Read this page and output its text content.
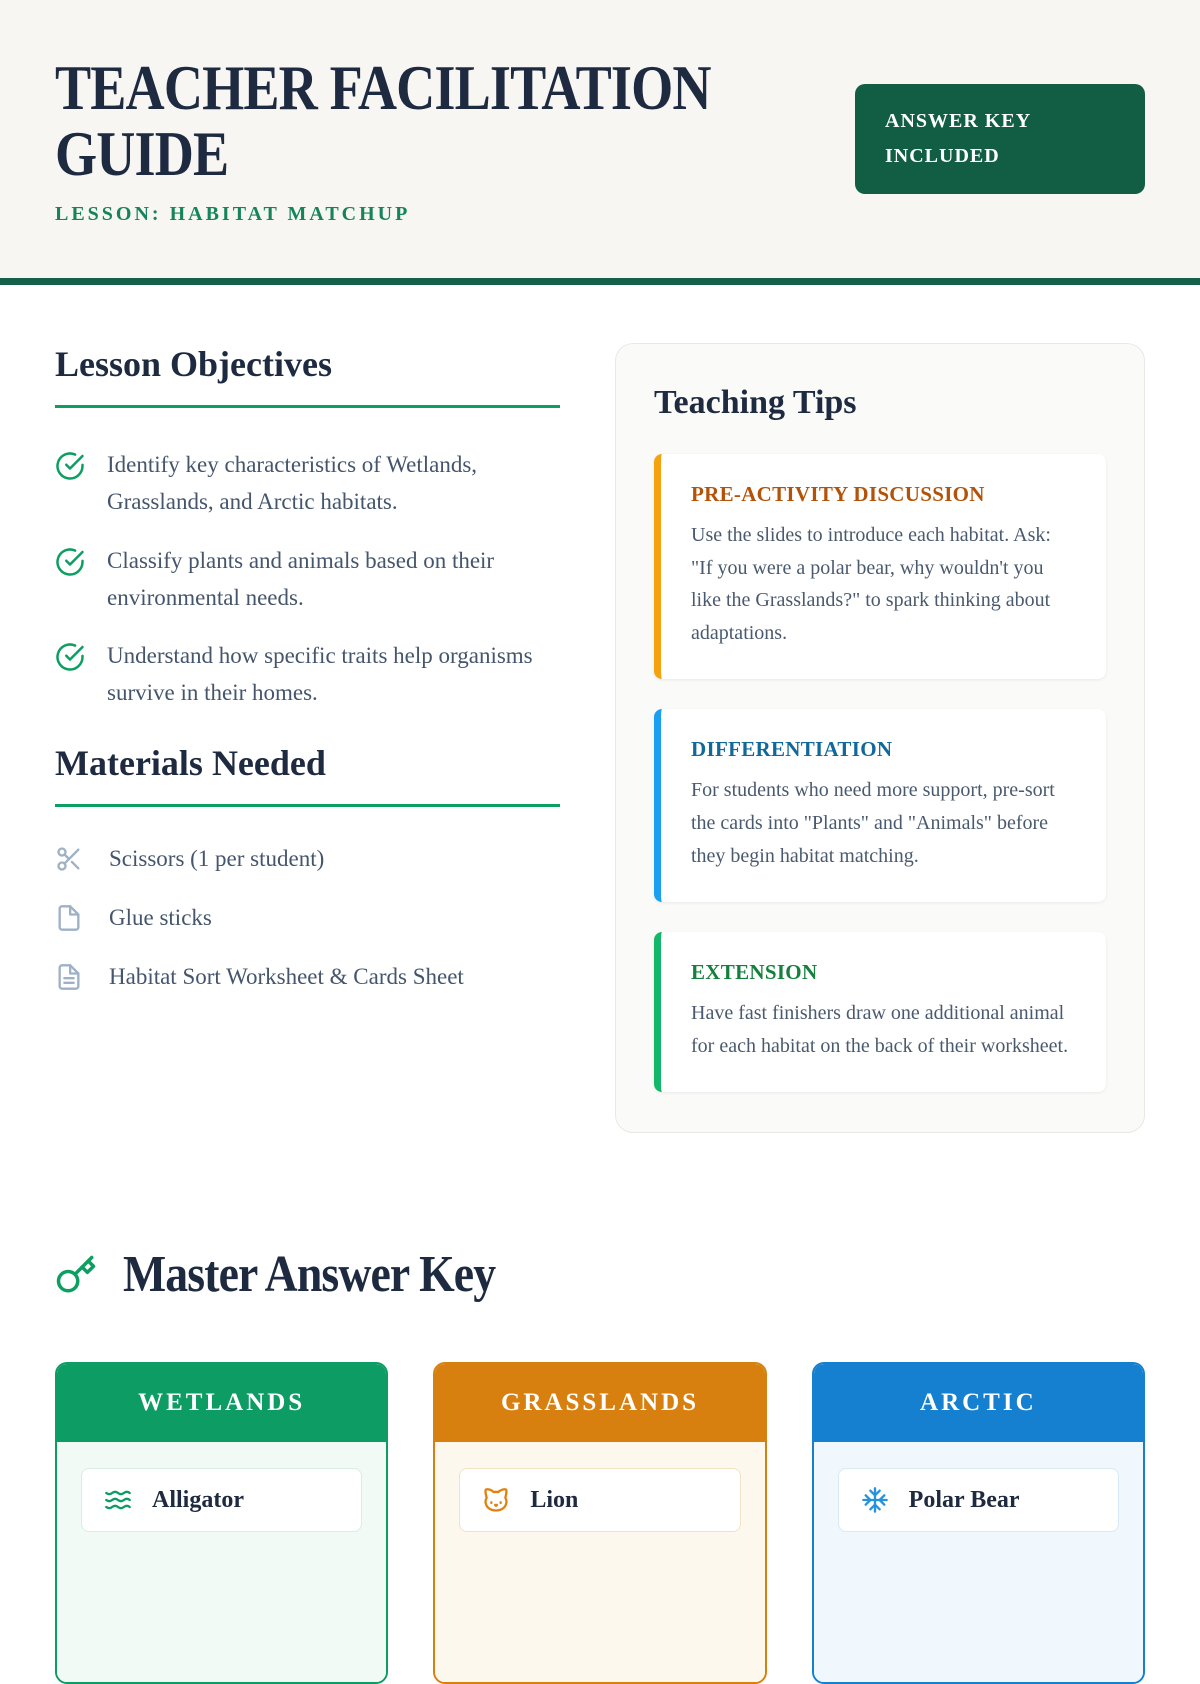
TEACHER FACILITATION GUIDE
LESSON: HABITAT MATCHUP
ANSWER KEY INCLUDED
Lesson Objectives
Identify key characteristics of Wetlands, Grasslands, and Arctic habitats.
Classify plants and animals based on their environmental needs.
Understand how specific traits help organisms survive in their homes.
Materials Needed
Scissors (1 per student)
Glue sticks
Habitat Sort Worksheet & Cards Sheet
Teaching Tips
PRE-ACTIVITY DISCUSSION
Use the slides to introduce each habitat. Ask: "If you were a polar bear, why wouldn't you like the Grasslands?" to spark thinking about adaptations.
DIFFERENTIATION
For students who need more support, pre-sort the cards into "Plants" and "Animals" before they begin habitat matching.
EXTENSION
Have fast finishers draw one additional animal for each habitat on the back of their worksheet.
Master Answer Key
WETLANDS
Alligator
GRASSLANDS
Lion
ARCTIC
Polar Bear
